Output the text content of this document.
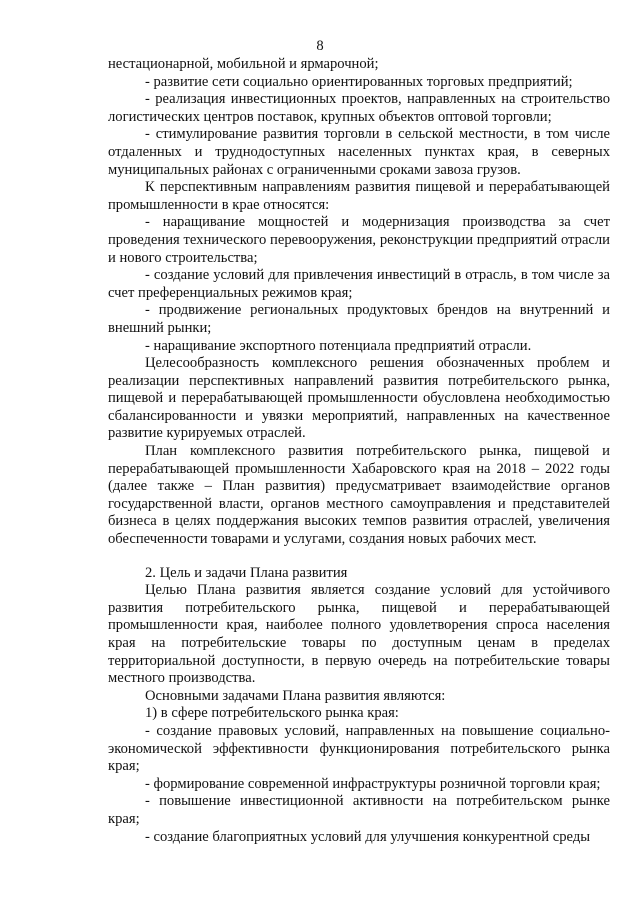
8

нестационарной, мобильной и ярмарочной;

- развитие сети социально ориентированных торговых предприятий;

- реализация инвестиционных проектов, направленных на строительство логистических центров поставок, крупных объектов оптовой торговли;

- стимулирование развития торговли в сельской местности, в том числе отдаленных и труднодоступных населенных пунктах края, в северных муниципальных районах с ограниченными сроками завоза грузов.

К перспективным направлениям развития пищевой и перерабатывающей промышленности в крае относятся:

- наращивание мощностей и модернизация производства за счет проведения технического перевооружения, реконструкции предприятий отрасли и нового строительства;

- создание условий для привлечения инвестиций в отрасль, в том числе за счет преференциальных режимов края;

- продвижение региональных продуктовых брендов на внутренний и внешний рынки;

- наращивание экспортного потенциала предприятий отрасли.

Целесообразность комплексного решения обозначенных проблем и реализации перспективных направлений развития потребительского рынка, пищевой и перерабатывающей промышленности обусловлена необходимостью сбалансированности и увязки мероприятий, направленных на качественное развитие курируемых отраслей.

План комплексного развития потребительского рынка, пищевой и перерабатывающей промышленности Хабаровского края на 2018 – 2022 годы (далее также – План развития) предусматривает взаимодействие органов государственной власти, органов местного самоуправления и представителей бизнеса в целях поддержания высоких темпов развития отраслей, увеличения обеспеченности товарами и услугами, создания новых рабочих мест.

2. Цель и задачи Плана развития

Целью Плана развития является создание условий для устойчивого развития потребительского рынка, пищевой и перерабатывающей промышленности края, наиболее полного удовлетворения спроса населения края на потребительские товары по доступным ценам в пределах территориальной доступности, в первую очередь на потребительские товары местного производства.

Основными задачами Плана развития являются:

1) в сфере потребительского рынка края:

- создание правовых условий, направленных на повышение социально-экономической эффективности функционирования потребительского рынка края;

- формирование современной инфраструктуры розничной торговли края;

- повышение инвестиционной активности на потребительском рынке края;

- создание благоприятных условий для улучшения конкурентной среды
